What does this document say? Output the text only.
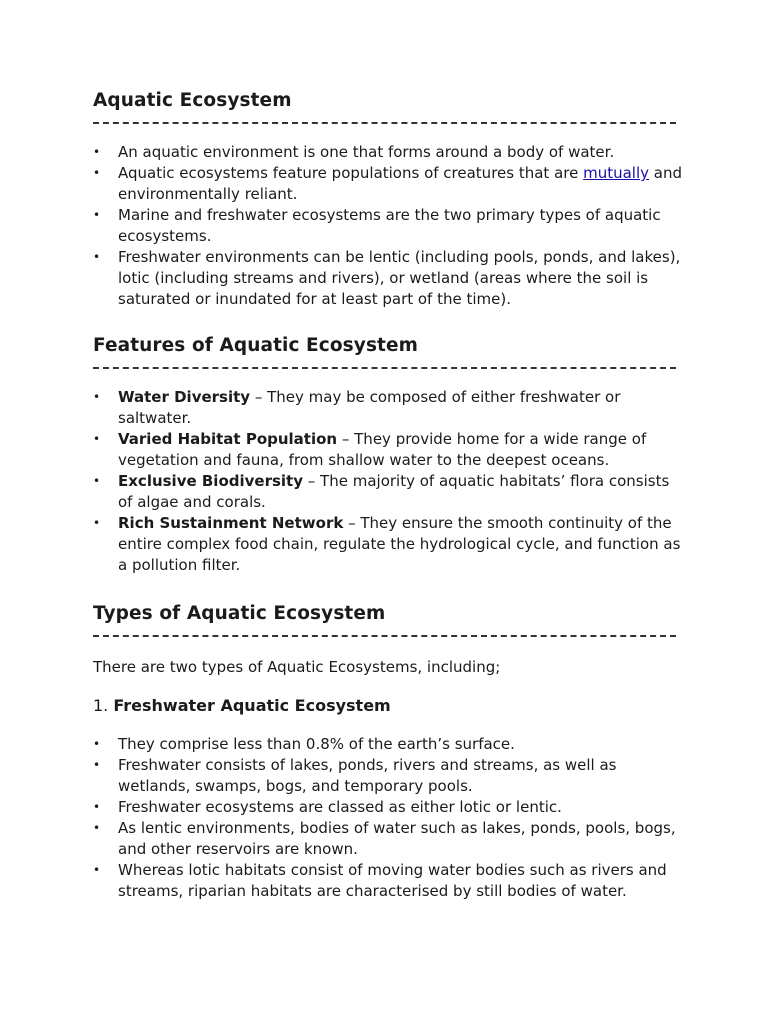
Aquatic Ecosystem
• An aquatic environment is one that forms around a body of water.
• Aquatic ecosystems feature populations of creatures that are mutually and environmentally reliant.
• Marine and freshwater ecosystems are the two primary types of aquatic ecosystems.
• Freshwater environments can be lentic (including pools, ponds, and lakes), lotic (including streams and rivers), or wetland (areas where the soil is saturated or inundated for at least part of the time).
Features of Aquatic Ecosystem
• Water Diversity – They may be composed of either freshwater or saltwater.
• Varied Habitat Population – They provide home for a wide range of vegetation and fauna, from shallow water to the deepest oceans.
• Exclusive Biodiversity – The majority of aquatic habitats’ flora consists of algae and corals.
• Rich Sustainment Network – They ensure the smooth continuity of the entire complex food chain, regulate the hydrological cycle, and function as a pollution filter.
Types of Aquatic Ecosystem

There are two types of Aquatic Ecosystems, including;

1. Freshwater Aquatic Ecosystem
• They comprise less than 0.8% of the earth’s surface.
• Freshwater consists of lakes, ponds, rivers and streams, as well as wetlands, swamps, bogs, and temporary pools.
• Freshwater ecosystems are classed as either lotic or lentic.
• As lentic environments, bodies of water such as lakes, ponds, pools, bogs, and other reservoirs are known.
• Whereas lotic habitats consist of moving water bodies such as rivers and streams, riparian habitats are characterised by still bodies of water.
